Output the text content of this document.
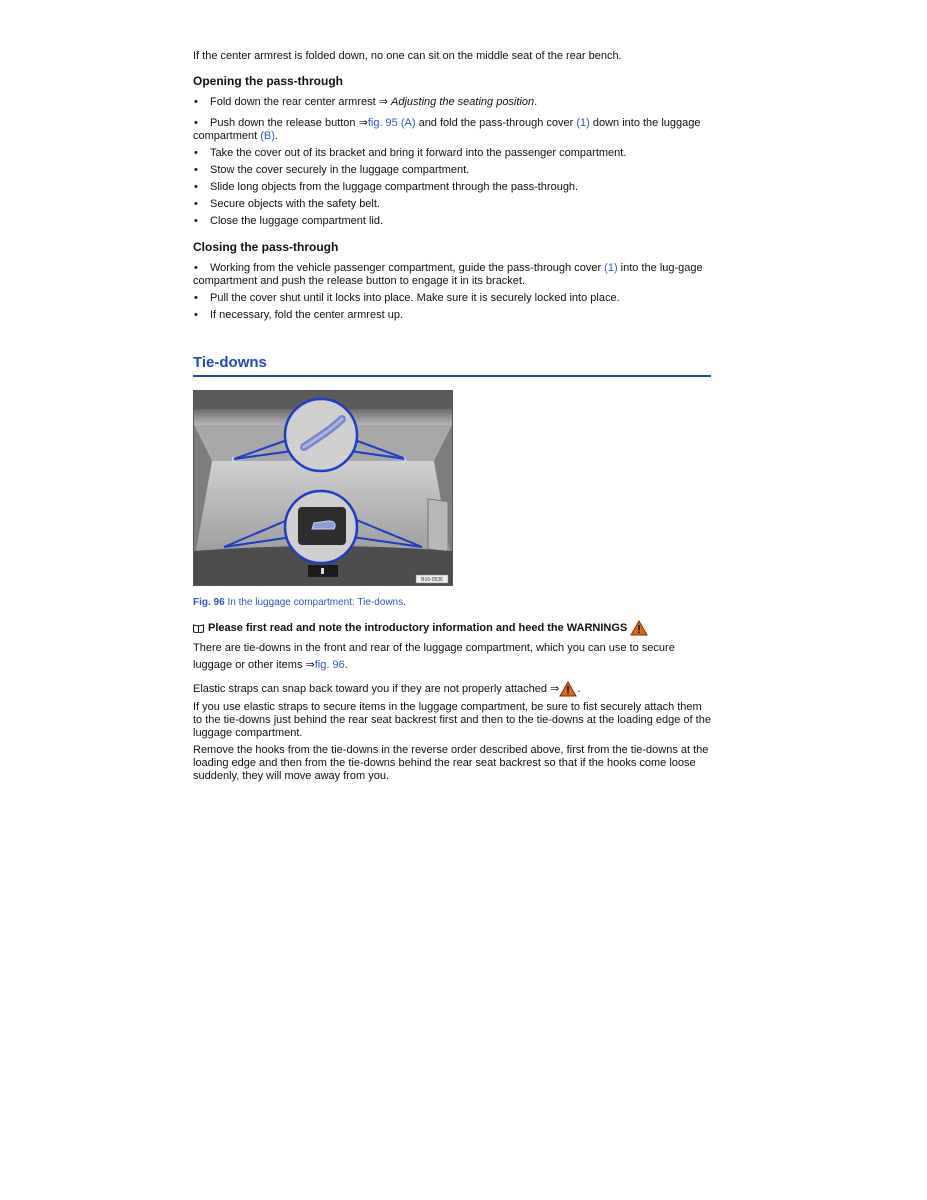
If the center armrest is folded down, no one can sit on the middle seat of the rear bench.

Opening the pass-through
• Fold down the rear center armrest ⇒ Adjusting the seating position.
• Push down the release button ⇒fig. 95 (A) and fold the pass-through cover (1) down into the luggage compartment (B).
• Take the cover out of its bracket and bring it forward into the passenger compartment.
• Stow the cover securely in the luggage compartment.
• Slide long objects from the luggage compartment through the pass-through.
• Secure objects with the safety belt.
• Close the luggage compartment lid.
Closing the pass-through
• Working from the vehicle passenger compartment, guide the pass-through cover (1) into the lug-gage compartment and push the release button to engage it in its bracket.
• Pull the cover shut until it locks into place. Make sure it is securely locked into place.
• If necessary, fold the center armrest up.
Tie-downs
B16-0536

Fig. 96 In the luggage compartment: Tie-downs.

Please first read and note the introductory information and heed the WARNINGS

There are tie-downs in the front and rear of the luggage compartment, which you can use to secure luggage or other items ⇒fig. 96.

Elastic straps can snap back toward you if they are not properly attached ⇒ .

If you use elastic straps to secure items in the luggage compartment, be sure to fist securely attach them to the tie-downs just behind the rear seat backrest first and then to the tie-downs at the loading edge of the luggage compartment.

Remove the hooks from the tie-downs in the reverse order described above, first from the tie-downs at the loading edge and then from the tie-downs behind the rear seat backrest so that if the hooks come loose suddenly, they will move away from you.
